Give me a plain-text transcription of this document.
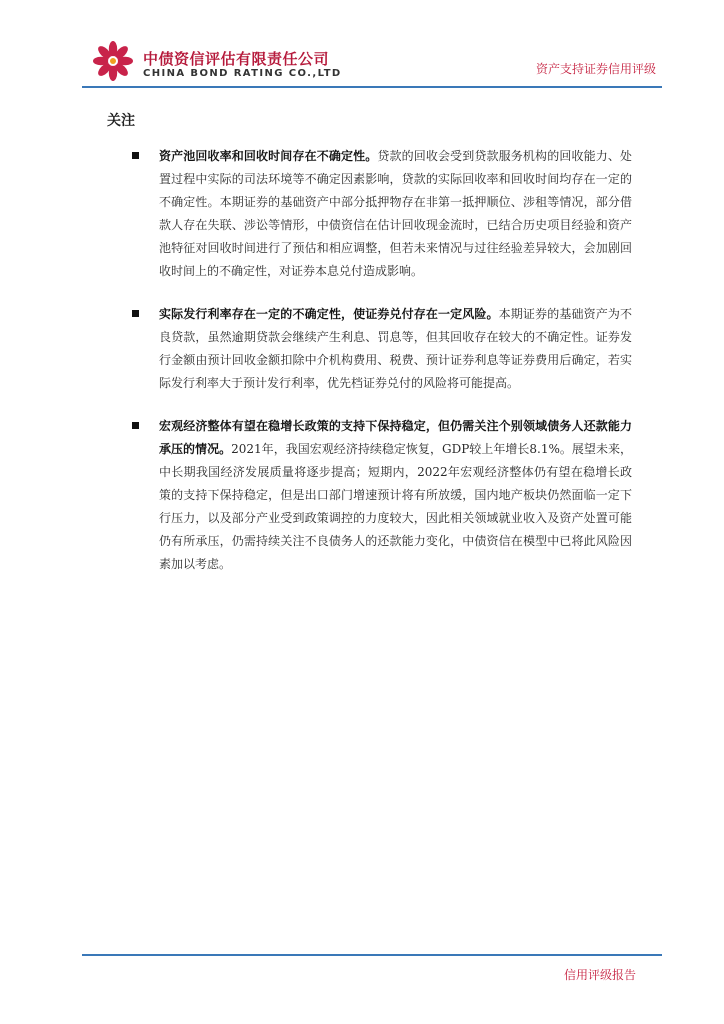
中债资信评估有限责任公司
CHINA BOND RATING CO.,LTD	资产支持证券信用评级
关注
资产池回收率和回收时间存在不确定性。贷款的回收会受到贷款服务机构的回收能力、处置过程中实际的司法环境等不确定因素影响，贷款的实际回收率和回收时间均存在一定的不确定性。本期证券的基础资产中部分抵押物存在非第一抵押顺位、涉租等情况，部分借款人存在失联、涉讼等情形，中债资信在估计回收现金流时，已结合历史项目经验和资产池特征对回收时间进行了预估和相应调整，但若未来情况与过往经验差异较大，会加剧回收时间上的不确定性，对证券本息兑付造成影响。
实际发行利率存在一定的不确定性，使证券兑付存在一定风险。本期证券的基础资产为不良贷款，虽然逾期贷款会继续产生利息、罚息等，但其回收存在较大的不确定性。证券发行金额由预计回收金额扣除中介机构费用、税费、预计证券利息等证券费用后确定，若实际发行利率大于预计发行利率，优先档证券兑付的风险将可能提高。
宏观经济整体有望在稳增长政策的支持下保持稳定，但仍需关注个别领域债务人还款能力承压的情况。2021年，我国宏观经济持续稳定恢复，GDP较上年增长8.1%。展望未来，中长期我国经济发展质量将逐步提高；短期内，2022年宏观经济整体仍有望在稳增长政策的支持下保持稳定，但是出口部门增速预计将有所放缓，国内地产板块仍然面临一定下行压力，以及部分产业受到政策调控的力度较大，因此相关领域就业收入及资产处置可能仍有所承压，仍需持续关注不良债务人的还款能力变化，中债资信在模型中已将此风险因素加以考虑。
信用评级报告
